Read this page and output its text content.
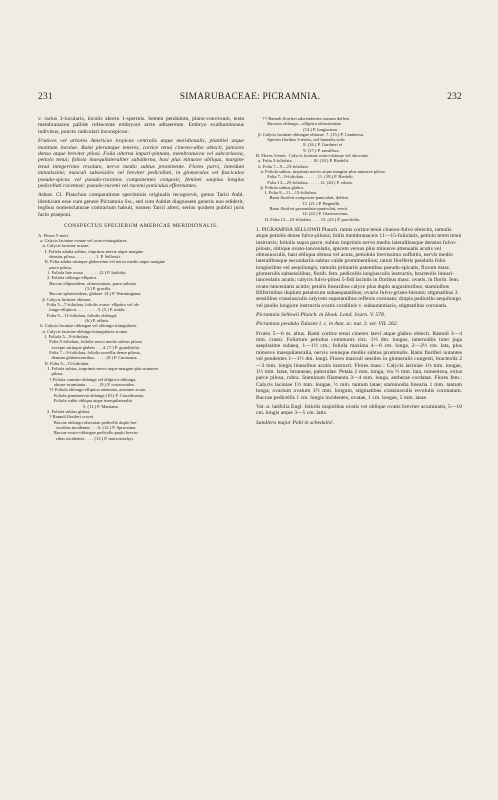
231	SIMARUBACEAE: PICRAMNIA.	232

v. rarius 3-locularis, loculis abortu 1-spermis. Semen pendulum, plano-convexum, testa membranacea pallide rufescente embryoni arcte adhaerente. Embryo exalbuminosus indivisus, puncto radiculari inconspicuo.

Frutices vel arbores Americae tropicae centralis atque meridionalis, planitiei atque montium incolae. Rami plerumque teneres, cortice tenui cinereo-albo obtecti, juniores denso atque breviter pilosi. Folia alterna impari-pinnata, membranacea vel subcoriacea, petiolo tenui; foliola inaequilateraliter subalterna, basi plus minusve obliqua, margine tenui integerrimo revoluto, nervo medio subtus prominente. Flores parvi, interdum minutissimi; masculi subsessiles vel breviter pedicellati, in glomerulos vel fasciculos pseudo-spicas vel pseudo-racemos componentes congesti; feminei saepius longius pedicellati racemosi: pseudo-racemi vel racemi paniculas efformantes.

Adnot. Cl. Planchon comparatione speciminis originalis recognovit, genus Tariri Aubl. identicum esse cum genere Picramnia Sw., sed cum Aublet diagnosem generis non ediderit, legibus nomenclaturae contrarium habuit, nomen Tariri alteri, serius quidem publici juris facto praeponi.

CONSPECTUS SPECIERUM AMERICAE MERIDIONALIS.
A. Flores 5-meri.
a. Calycis laciniae ovatae vel ovato-triangulares.
α. Calycis laciniae acutae.
I. Foliola adulta subtus, imprimis nervis atque margine
densius pilosa . . . . . . . . . 1. P. Sellowii.
II. Folia adulta utrinque glaberrima vel nervo medio atque margine
parce pilosa.
1. Foliola late ovata . . . . . . . (2.) P. latifolia.
2. Foliola oblongo-elliptica.
Baccae ellipsoideae, obtusissimae, parce pilosae
(3.) P. gracilis.
Baccae sphaeroideae, glabrae  (4.) P. Warmingiana.
β. Calycis laciniae obtusae.
Folia 5—7-foliolata, foliolis ovato- elliptics vel ob-
longo-ellipticis . . . . . . . . . 5. (5.) P. nitida.
Folia 9—11-foliolata, foliolis oblongis
(6.) P. affinis.
b. Calycis laciniae oblongae vel oblongo-triangulares.
α. Calycis laciniae oblongo-triangulares acutae.
I. Foliola 5—9-foliolata.
Folia 5-foliolata, foliolis nervo medio subtus piloso
excepto utrinque glabris . . . 4. (7.) P. grandifolia.
Folia 7—9-foliolata, foliolis novellis dense pilosis,
demum glabrescentibus . . . . . (8.) P. Carassana.
II. Folia 9—13-foliolata.
1. Foliola subtus, imprimis nervo atque margine plus minusve
pilosa.
† Foliola cuneato-oblonga vel elliptico-oblonga,
obtuse acuminata . . . . . . (9.) P. coriaceoides.
†† Foliola oblongo-elliptica attenuata, acumine acuto.
Foliola penninervia oblonga (10.) P. Crassilineata.
Foliola valde obliqua atque inaequilateralia
5. (11.) P. Martiana.
2. Foliola subtus glabra.
† Ramuli floriferi crocei.
Baccae oblongo-obovatae pedicello duplo bre-
vioribus incidentes . . . 6. (12.) P. Spruceana.
Baccae ovato-oblongae pedicello paulo brevio-
ribus incidentes . . . . (13.) P. macrostachys.
†† Ramuli floriferi adscendentes sursum deflexi.
Racemo oblongo—elliptica obtusissimae
(14.) P. longissima.
β. Calycis laciniae oblongae obtusae  7. (15.) P. Cambessa.
Species floribus 3-meris, sed laterales solis
8. (16.) P. Gardneri et
9. (17.) P. ramiflora.
B. Flores 3-meri.  Calycis laciniae ovato-obtusae vel obovatae.
a. Folia 3-foliolata . . . . . . . . . 10. (18.) P. Riedelii.
b. Folia 7—9—23-foliolata.
α. Foliola subtus, imprimis nervis atque margine plus minusve pilosa.
Folia 7—9-foliolata . . . . . . 11. (19.) P. Riedelii.
Folia 13—25-foliolata . . . . . 12. (20.) P. ciliata.
β. Foliola subtus glabra.
I. Folia 9—11—13-foliolata.
Rami floriferi composito-paniculati, deflexi
13. (21.) P. Regnellii.
Rami floriferi pyramidato-paniculati, erecti
14. (22.) P. Glaziouviana.
II. Folia 15—23-foliolata . . . . 15. (23.) P. parvifolia.
1. PICRAMNIA SELLOWII Planch. ramis cortice tenui cinereo-fulvo obtectis, ramulis atque petiolis dense fulvo-pilosis; foliis membranaceis 11—15-foliolatis, petiolo tereti tenui instructis; foliolis supra parce, subtus imprimis nervo medio lateralibusque densius fulvo-pilosis, oblique ovato-lanceolatis, apicem versus plus minusve attenuatis acutis vel obtusiusculis, basi obliqua obtusa vel acuta, petiolulo brevissimo suffultis, nervis medio lateralibusque secundariis subtus valde prominentibus; ramis floriferis pendulis folio longioribus vel aequilongis, ramulis primariis patentibus pseudo-spicatis, florum masc. glomerulis subsessilibus, florib. fem. pedicellis longiusculis instructis, bracteolis lineari-lanceolatis acutis; calycis fulvo-pilosi 5-fidi laciniis in floribus masc. ovatis, in florib. fem. ovato-lanceolatis acutis; petalis linearibus calyce plus duplo angustioribus; staminibus filiformibus duplum petalorum subaequantibus; ovario fulvo-griseo-hirsuto; stigmatibus 3 sessilibus crassiusculis calycem superantibus reflexis coronato; drupis pedicello aequilongo vel paullo longiore instructis ovatis corallinis v. subaurantiacis, stigmatibus coronatis.

Picramnia Sellowii Planch. in Hook. Lond. Journ. V. 578.

Picramnia pendula Tulasne l. c. in Ann. sc. nat. 3. ser. VII. 262.

Frutex 5—6 m. altus. Rami cortice tenui cinereo laevi atque glabro obtecti. Ramuli 3—4 mm. crassi. Foliorum petiolus communis circ. 1⅓ dm. longus, internodiis inter juga saepissime subaeq. 1—1½ cm.; foliola maxima 4—6 cm. longa, 2—2½ cm. lata, plus minusve inaequilateralia, nervis venisque mediis subtus prominulis. Rami floriferi nutantes vel pendentes 1—1½ dm. longi. Flores masculi sessiles in glomerulis congesti, bracteolis 2—3 mm. longis linearibus acutis instructi. Flores masc.: Calycis laciniae 1⅓ mm. longae, 1½ mm. latae, brunneae, puberulae. Petala 2 mm. longa, vix ½ mm. lata, tomentosa, extus parce pilosa, rubra. Staminum filamenta 3—4 mm. longa, antherae cordatae. Flores fem.: Calycis laciniae 1½ mm. longae, ½ mm. tantum latae; staminodia linearia 1 mm. tantum longa; ovarium ovatum 1½ mm. longum, stigmatibus crassiusculis revolutis coronatum. Baccae pedicellis 1 cm. longis incidentes, ovatae, 1 cm. longae, 5 mm. latae.

Var. α. latifolia Engl. foliolis majoribus ovatis vel oblique ovatis breviter acuminatis, 5—10 cm. longis atque 3—5 cm. latis.

Sandlera major Pohl in schedulis!.
